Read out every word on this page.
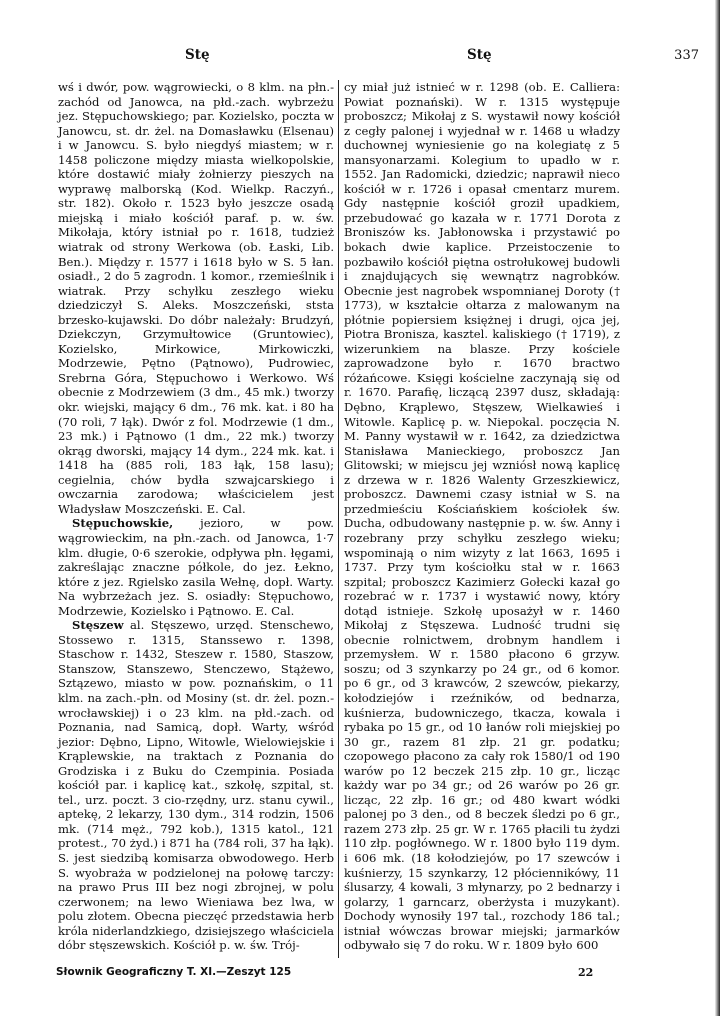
Stę	Stę	337

wś i dwór, pow. wągrowiecki, o 8 klm. na płn.-zachód od Janowca, na płd.-zach. wybrzeżu jez. Stępuchowskiego; par. Kozielsko, poczta w Janowcu, st. dr. żel. na Domasławku (Elsenau) i w Janowcu. S. było niegdyś miastem; w r. 1458 policzone między miasta wielkopolskie, które dostawić miały żołnierzy pieszych na wyprawę malborską (Kod. Wielkp. Raczyń., str. 182). Około r. 1523 było jeszcze osadą miejską i miało kościół paraf. p. w. św. Mikołaja, który istniał po r. 1618, tudzież wiatrak od strony Werkowa (ob. Łaski, Lib. Ben.). Między r. 1577 i 1618 było w S. 5 łan. osiadł., 2 do 5 zagrodn. 1 komor., rzemieślnik i wiatrak. Przy schyłku zeszłego wieku dziedziczył S. Aleks. Moszczeński, ststa brzesko-kujawski. Do dóbr należały: Brudzyń, Dziekczyn, Grzymułtowice (Gruntowiec), Kozielsko, Mirkowice, Mirkowiczki, Modrzewie, Pętno (Pątnowo), Pudrowiec, Srebrna Góra, Stępuchowo i Werkowo. Wś obecnie z Modrzewiem (3 dm., 45 mk.) tworzy okr. wiejski, mający 6 dm., 76 mk. kat. i 80 ha (70 roli, 7 łąk). Dwór z fol. Modrzewie (1 dm., 23 mk.) i Pątnowo (1 dm., 22 mk.) tworzy okrąg dworski, mający 14 dym., 224 mk. kat. i 1418 ha (885 roli, 183 łąk, 158 lasu); cegielnia, chów bydła szwajcarskiego i owczarnia zarodowa; właścicielem jest Władysław Moszczeński. E. Cal.

Stępuchowskie, jezioro, w pow. wągrowieckim, na płn.-zach. od Janowca, 1·7 klm. długie, 0·6 szerokie, odpływa płn. łęgami, zakreślając znaczne półkole, do jez. Łekno, które z jez. Rgielsko zasila Wełnę, dopł. Warty. Na wybrzeżach jez. S. osiadły: Stępuchowo, Modrzewie, Kozielsko i Pątnowo. E. Cal.

Stęszew al. Stęszewo, urzęd. Stenschewo, Stossewo r. 1315, Stanssewo r. 1398, Staschow r. 1432, Steszew r. 1580, Staszow, Stanszow, Stanszewo, Stenczewo, Stążewo, Sztązewo, miasto w pow. poznańskim, o 11 klm. na zach.-płn. od Mosiny (st. dr. żel. pozn.-wrocławskiej) i o 23 klm. na płd.-zach. od Poznania, nad Samicą, dopł. Warty, wśród jezior: Dębno, Lipno, Witowle, Wielowiejskie i Krąplewskie, na traktach z Poznania do Grodziska i z Buku do Czempinia. Posiada kościół par. i kaplicę kat., szkołę, szpital, st. tel., urz. poczt. 3 cio-rzędny, urz. stanu cywil., aptekę, 2 lekarzy, 130 dym., 314 rodzin, 1506 mk. (714 męż., 792 kob.), 1315 katol., 121 protest., 70 żyd.) i 871 ha (784 roli, 37 ha łąk). S. jest siedzibą komisarza obwodowego. Herb S. wyobraża w podzielonej na połowę tarczy: na prawo Prus III bez nogi zbrojnej, w polu czerwonem; na lewo Wieniawa bez lwa, w polu złotem. Obecna pieczęć przedstawia herb króla niderlandzkiego, dzisiejszego właściciela dóbr stęszewskich. Kościół p. w. św. Trój-

cy miał już istnieć w r. 1298 (ob. E. Calliera: Powiat poznański). W r. 1315 występuje proboszcz; Mikołaj z S. wystawił nowy kościół z cegły palonej i wyjednał w r. 1468 u władzy duchownej wyniesienie go na kolegiatę z 5 mansyonarzami. Kolegium to upadło w r. 1552. Jan Radomicki, dziedzic; naprawił nieco kościół w r. 1726 i opasał cmentarz murem. Gdy następnie kościół groził upadkiem, przebudować go kazała w r. 1771 Dorota z Broniszów ks. Jabłonowska i przystawić po bokach dwie kaplice. Przeistoczenie to pozbawiło kościół piętna ostrołukowej budowli i znajdujących się wewnątrz nagrobków. Obecnie jest nagrobek wspomnianej Doroty († 1773), w kształcie ołtarza z malowanym na płótnie popiersiem księżnej i drugi, ojca jej, Piotra Bronisza, kasztel. kaliskiego († 1719), z wizerunkiem na blasze. Przy kościele zaprowadzone było r. 1670 bractwo różańcowe. Księgi kościelne zaczynają się od r. 1670. Parafię, liczącą 2397 dusz, składają: Dębno, Krąplewo, Stęszew, Wielkawieś i Witowle. Kaplicę p. w. Niepokal. poczęcia N. M. Panny wystawił w r. 1642, za dziedzictwa Stanisława Manieckiego, proboszcz Jan Glitowski; w miejscu jej wzniósł nową kaplicę z drzewa w r. 1826 Walenty Grzeszkiewicz, proboszcz. Dawnemi czasy istniał w S. na przedmieściu Kościańskiem kościołek św. Ducha, odbudowany następnie p. w. św. Anny i rozebrany przy schyłku zeszłego wieku; wspominają o nim wizyty z lat 1663, 1695 i 1737. Przy tym kościołku stał w r. 1663 szpital; proboszcz Kazimierz Gołecki kazał go rozebrać w r. 1737 i wystawić nowy, który dotąd istnieje. Szkołę uposażył w r. 1460 Mikołaj z Stęszewa. Ludność trudni się obecnie rolnictwem, drobnym handlem i przemysłem. W r. 1580 płacono 6 grzyw. soszu; od 3 szynkarzy po 24 gr., od 6 komor. po 6 gr., od 3 krawców, 2 szewców, piekarzy, kołodziejów i rzeźników, od bednarza, kuśnierza, budowniczego, tkacza, kowala i rybaka po 15 gr., od 10 łanów roli miejskiej po 30 gr., razem 81 złp. 21 gr. podatku; czopowego płacono za cały rok 1580/1 od 190 warów po 12 beczek 215 złp. 10 gr., licząc każdy war po 34 gr.; od 26 warów po 26 gr. licząc, 22 złp. 16 gr.; od 480 kwart wódki palonej po 3 den., od 8 beczek śledzi po 6 gr., razem 273 złp. 25 gr. W r. 1765 płacili tu żydzi 110 złp. pogłównego. W r. 1800 było 119 dym. i 606 mk. (18 kołodziejów, po 17 szewców i kuśnierzy, 15 szynkarzy, 12 płóciennikówy, 11 ślusarzy, 4 kowali, 3 młynarzy, po 2 bednarzy i golarzy, 1 garncarz, oberżysta i muzykant). Dochody wynosiły 197 tal., rozchody 186 tal.; istniał wówczas browar miejski; jarmarków odbywało się 7 do roku. W r. 1809 było 600

Słownik Geograficzny T. XI.—Zeszyt 125	22
